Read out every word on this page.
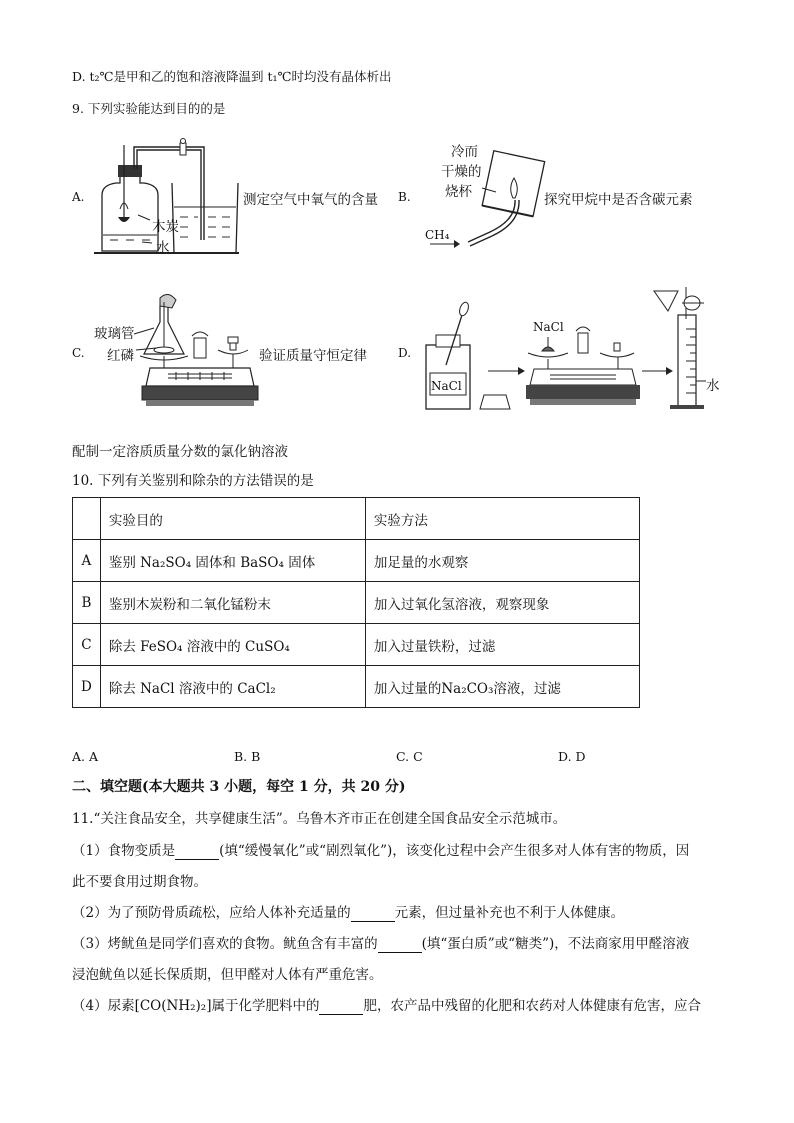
D. t₂℃是甲和乙的饱和溶液降温到 t₁℃时均没有晶体析出
9. 下列实验能达到目的的是
A.
木炭
水
测定空气中氧气的含量 B.
冷而
干燥的
烧杯
CH₄
探究甲烷中是否含碳元素
C.
玻璃管
红磷	验证质量守恒定律	D.
NaCl
NaCl
水
配制一定溶质质量分数的氯化钠溶液
10. 下列有关鉴别和除杂的方法错误的是
	实验目的	实验方法
A	鉴别 Na₂SO₄ 固体和 BaSO₄ 固体	加足量的水观察
B	鉴别木炭粉和二氧化锰粉末	加入过氧化氢溶液，观察现象
C	除去 FeSO₄ 溶液中的 CuSO₄	加入过量铁粉，过滤
D	除去 NaCl 溶液中的 CaCl₂	加入过量的Na₂CO₃溶液，过滤
A. A	B. B	C. C	D. D
二、填空题(本大题共 3 小题，每空 1 分，共 20 分)
11.“关注食品安全，共享健康生活”。乌鲁木齐市正在创建全国食品安全示范城市。
（1）食物变质是	(填“缓慢氧化”或“剧烈氧化”)，该变化过程中会产生很多对人体有害的物质，因
此不要食用过期食物。
（2）为了预防骨质疏松，应给人体补充适量的	元素，但过量补充也不利于人体健康。
（3）烤鱿鱼是同学们喜欢的食物。鱿鱼含有丰富的	(填“蛋白质”或“糖类”)，不法商家用甲醛溶液
浸泡鱿鱼以延长保质期，但甲醛对人体有严重危害。
（4）尿素[CO(NH₂)₂]属于化学肥料中的	肥，农产品中残留的化肥和农药对人体健康有危害，应合
